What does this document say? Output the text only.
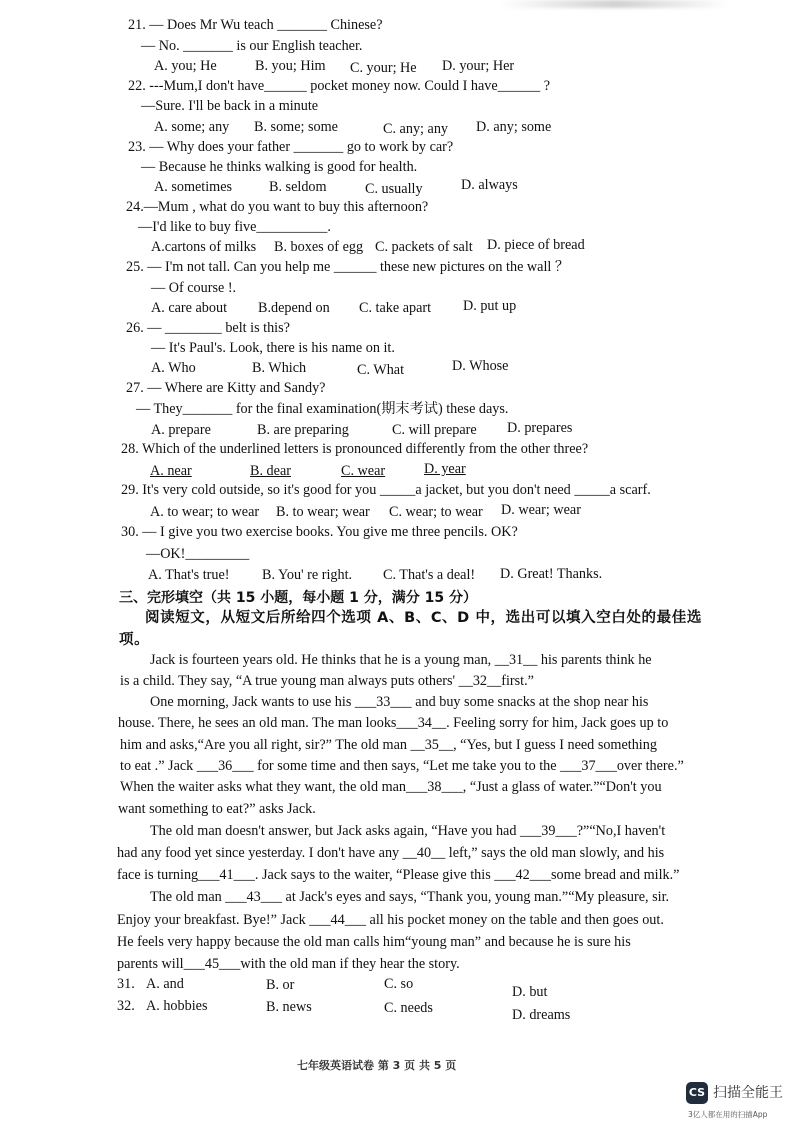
21. — Does Mr Wu teach _______ Chinese?
— No. _______ is our English teacher.
A. you; He	B. you; Him C. your; He D. your; Her
22. ---Mum,I don't have______ pocket money now. Could I have______ ?
—Sure. I'll be back in a minute
A. some; any B. some; some	C. any; any D. any; some
23. — Why does your father _______ go to work by car?
— Because he thinks walking is good for health.
A. sometimes	B. seldom	C. usually	D. always
24.—Mum , what do you want to buy this afternoon?
—I'd like to buy five__________.
A.cartons of milks B. boxes of egg C. packets of salt D. piece of bread
25. — I'm not tall. Can you help me ______ these new pictures on the wall ？
— Of course !.
A. care about B.depend on C. take apart D. put up
26. — ________ belt is this?
— It's Paul's. Look, there is his name on it.
A. Who	B. Which	C. What	D. Whose
27. — Where are Kitty and Sandy?
— They_______ for the final examination(期末考试) these days.
A. prepare	B. are preparing	C. will prepare D. prepares
28. Which of the underlined letters is pronounced differently from the other three?
A. near	B. dear	C. wear	D. year
29. It's very cold outside, so it's good for you _____a jacket, but you don't need _____a scarf.
A. to wear; to wear B. to wear; wear C. wear; to wear D. wear; wear
30. — I give you two exercise books. You give me three pencils. OK?
—OK!_________
A. That's true! B. You' re right. C. That's a deal! D. Great! Thanks.
三、完形填空（共 15 小题，每小题 1 分，满分 15 分）
阅读短文，从短文后所给四个选项 A、B、C、D 中，选出可以填入空白处的最佳选
项。
Jack is fourteen years old. He thinks that he is a young man, __31__ his parents think he
is a child. They say, “A true young man always puts others' __32__first.”
One morning, Jack wants to use his ___33___ and buy some snacks at the shop near his
house. There, he sees an old man. The man looks___34__. Feeling sorry for him, Jack goes up to
him and asks,“Are you all right, sir?” The old man __35__, “Yes, but I guess I need something
to eat .” Jack ___36___ for some time and then says, “Let me take you to the ___37___over there.”
When the waiter asks what they want, the old man___38___, “Just a glass of water.”“Don't you
want something to eat?” asks Jack.
The old man doesn't answer, but Jack asks again, “Have you had ___39___?”“No,I haven't
had any food yet since yesterday. I don't have any __40__ left,” says the old man slowly, and his
face is turning___41___. Jack says to the waiter, “Please give this ___42___some bread and milk.”
The old man ___43___ at Jack's eyes and says, “Thank you, young man.”“My pleasure, sir.
Enjoy your breakfast. Bye!” Jack ___44___ all his pocket money on the table and then goes out.
He feels very happy because the old man calls him“young man” and because he is sure his
parents will___45___with the old man if they hear the story.
31. A. and	B. or	C. so	D. but
32. A. hobbies	B. news	C. needs	D. dreams
七年级英语试卷 第 3 页 共 5 页
CS 扫描全能王
3亿人都在用的扫描App
